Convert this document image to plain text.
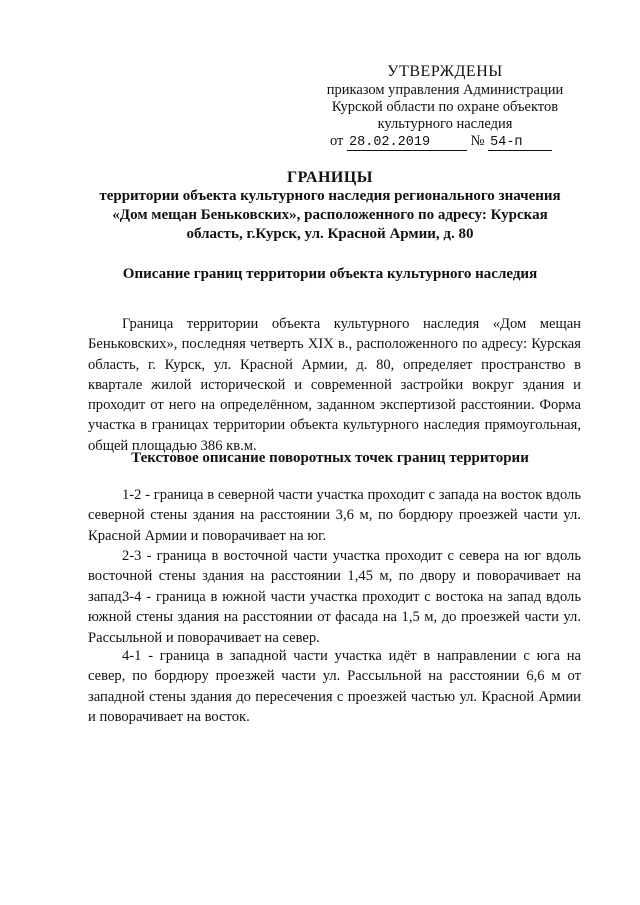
УТВЕРЖДЕНЫ
приказом управления Администрации
Курской области по охране объектов
культурного наследия
от 28.02.2019	№ 54-п
ГРАНИЦЫ
территории объекта культурного наследия регионального значения
«Дом мещан Беньковских», расположенного по адресу: Курская
область, г.Курск, ул. Красной Армии, д. 80
Описание границ территории объекта культурного наследия

Граница территории объекта культурного наследия «Дом мещан Беньковских», последняя четверть XIX в., расположенного по адресу: Курская область, г. Курск, ул. Красной Армии, д. 80, определяет пространство в квартале жилой исторической и современной застройки вокруг здания и проходит от него на определённом, заданном экспертизой расстоянии. Форма участка в границах территории объекта культурного наследия прямоугольная, общей площадью 386 кв.м.

Текстовое описание поворотных точек границ территории

1-2 - граница в северной части участка проходит с запада на восток вдоль северной стены здания на расстоянии 3,6 м, по бордюру проезжей части ул. Красной Армии и поворачивает на юг.

2-3 - граница в восточной части участка проходит с севера на юг вдоль восточной стены здания на расстоянии 1,45 м, по двору и поворачивает на запад.

3-4 - граница в южной части участка проходит с востока на запад вдоль южной стены здания на расстоянии от фасада на 1,5 м, до проезжей части ул. Рассыльной и поворачивает на север.

4-1 - граница в западной части участка идёт в направлении с юга на север, по бордюру проезжей части ул. Рассыльной на расстоянии 6,6 м от западной стены здания до пересечения с проезжей частью ул. Красной Армии и поворачивает на восток.
